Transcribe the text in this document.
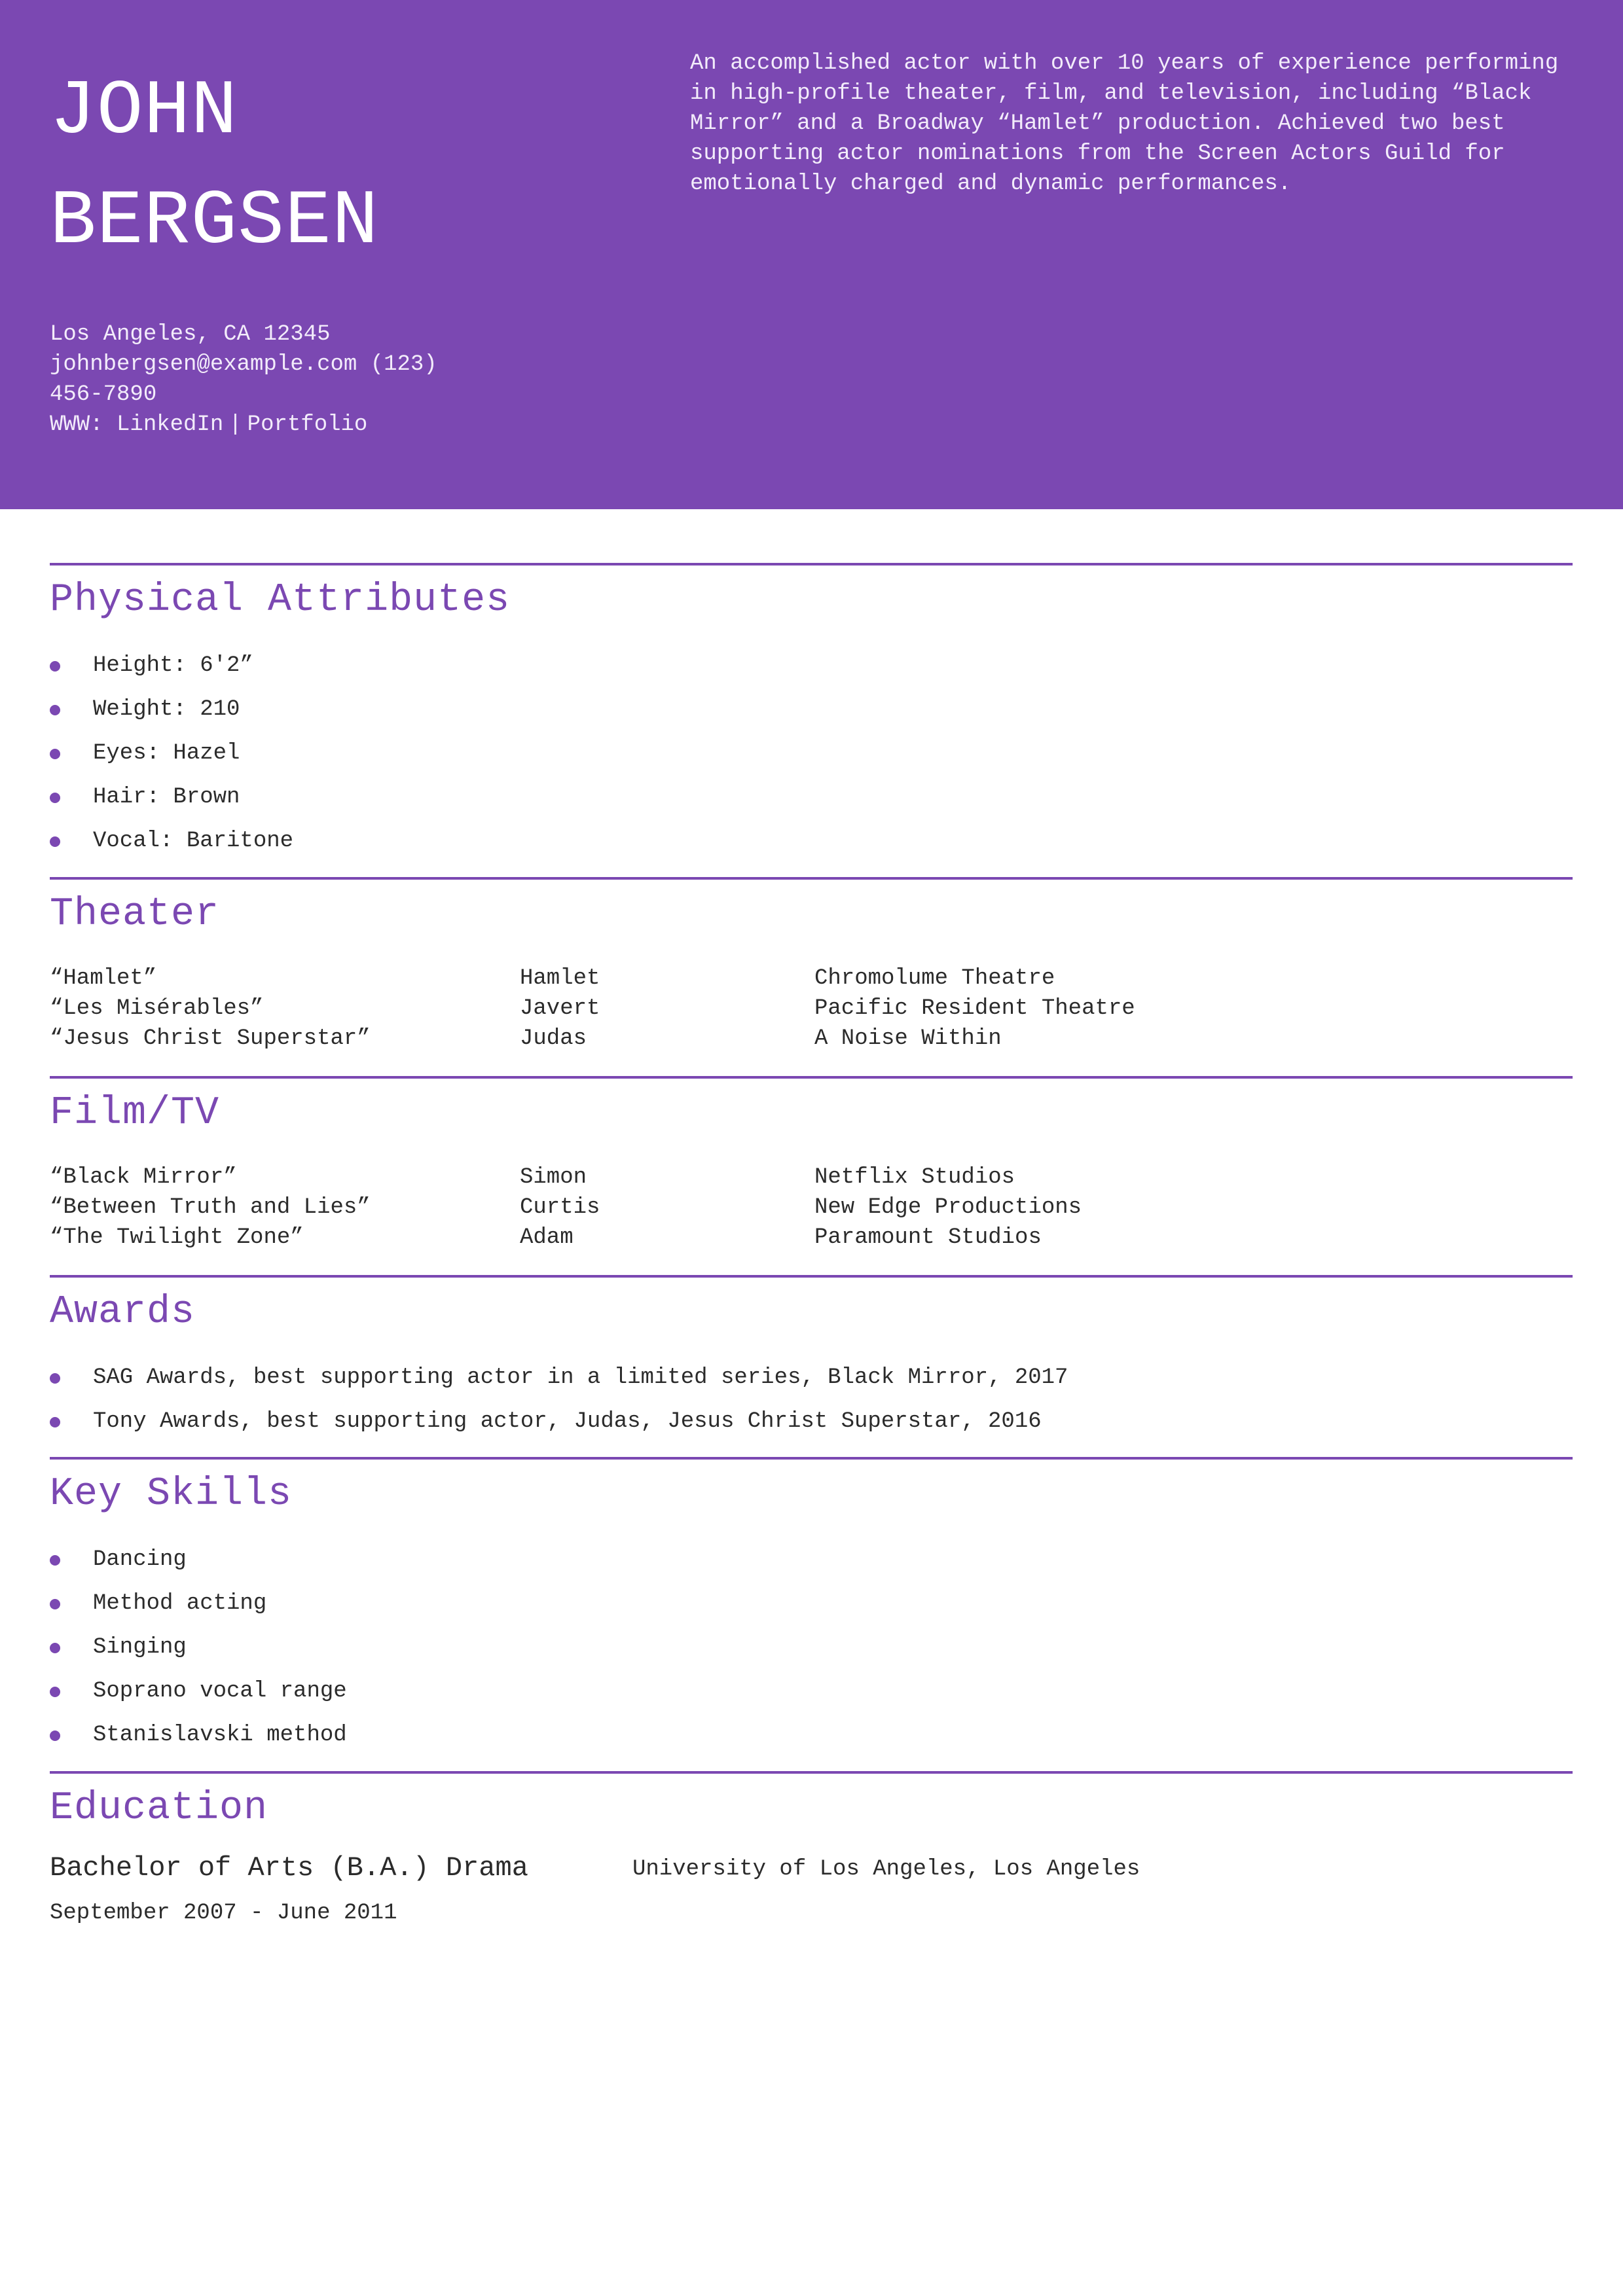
JOHN
BERGSEN

An accomplished actor with over 10 years of experience performing in high-profile theater, film, and television, including “Black Mirror” and a Broadway “Hamlet” production. Achieved two best supporting actor nominations from the Screen Actors Guild for emotionally charged and dynamic performances.

Los Angeles, CA 12345
johnbergsen@example.com (123)
456-7890
WWW: LinkedIn | Portfolio

Physical Attributes
Height: 6'2”
Weight: 210
Eyes: Hazel
Hair: Brown
Vocal: Baritone
Theater
“Hamlet”	Hamlet	Chromolume Theatre
“Les Misérables”	Javert	Pacific Resident Theatre
“Jesus Christ Superstar”	Judas	A Noise Within
Film/TV
“Black Mirror”	Simon	Netflix Studios
“Between Truth and Lies”	Curtis	New Edge Productions
“The Twilight Zone”	Adam	Paramount Studios
Awards
SAG Awards, best supporting actor in a limited series, Black Mirror, 2017
Tony Awards, best supporting actor, Judas, Jesus Christ Superstar, 2016
Key Skills
Dancing
Method acting
Singing
Soprano vocal range
Stanislavski method
Education
Bachelor of Arts (B.A.) Drama	University of Los Angeles, Los Angeles
September 2007 - June 2011
